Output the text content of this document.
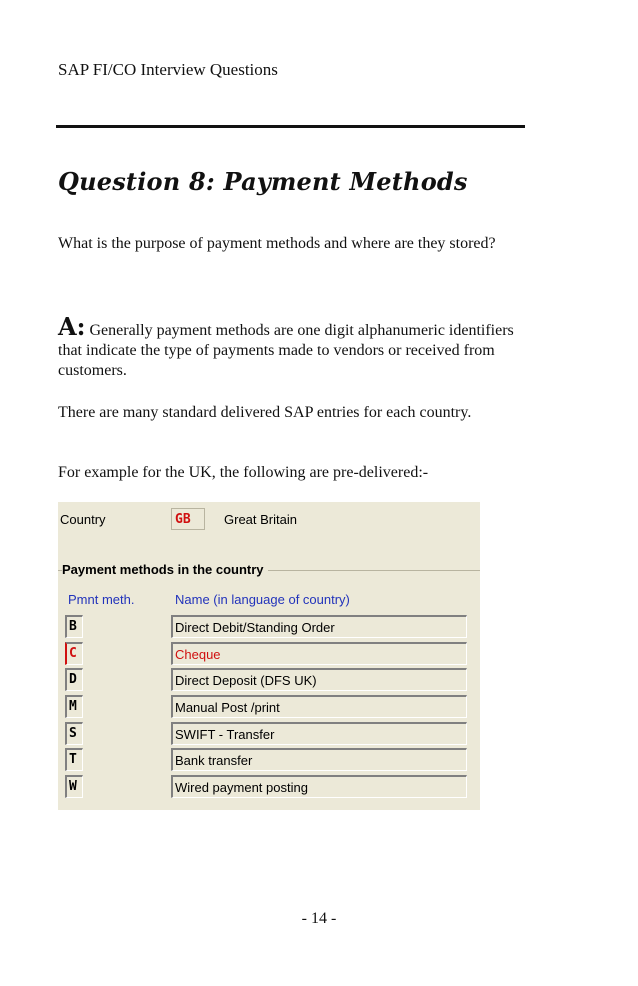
SAP FI/CO Interview Questions
Question 8: Payment Methods
What is the purpose of payment methods and where are they stored?
A: Generally payment methods are one digit alphanumeric identifiers that indicate the type of payments made to vendors or received from customers.
There are many standard delivered SAP entries for each country.
For example for the UK, the following are pre-delivered:-
Country	GB	Great Britain
Payment methods in the country
Pmnt meth.	Name (in language of country)
B	Direct Debit/Standing Order
C	Cheque
D	Direct Deposit (DFS UK)
M	Manual Post /print
S	SWIFT - Transfer
T	Bank transfer
W	Wired payment posting
- 14 -
